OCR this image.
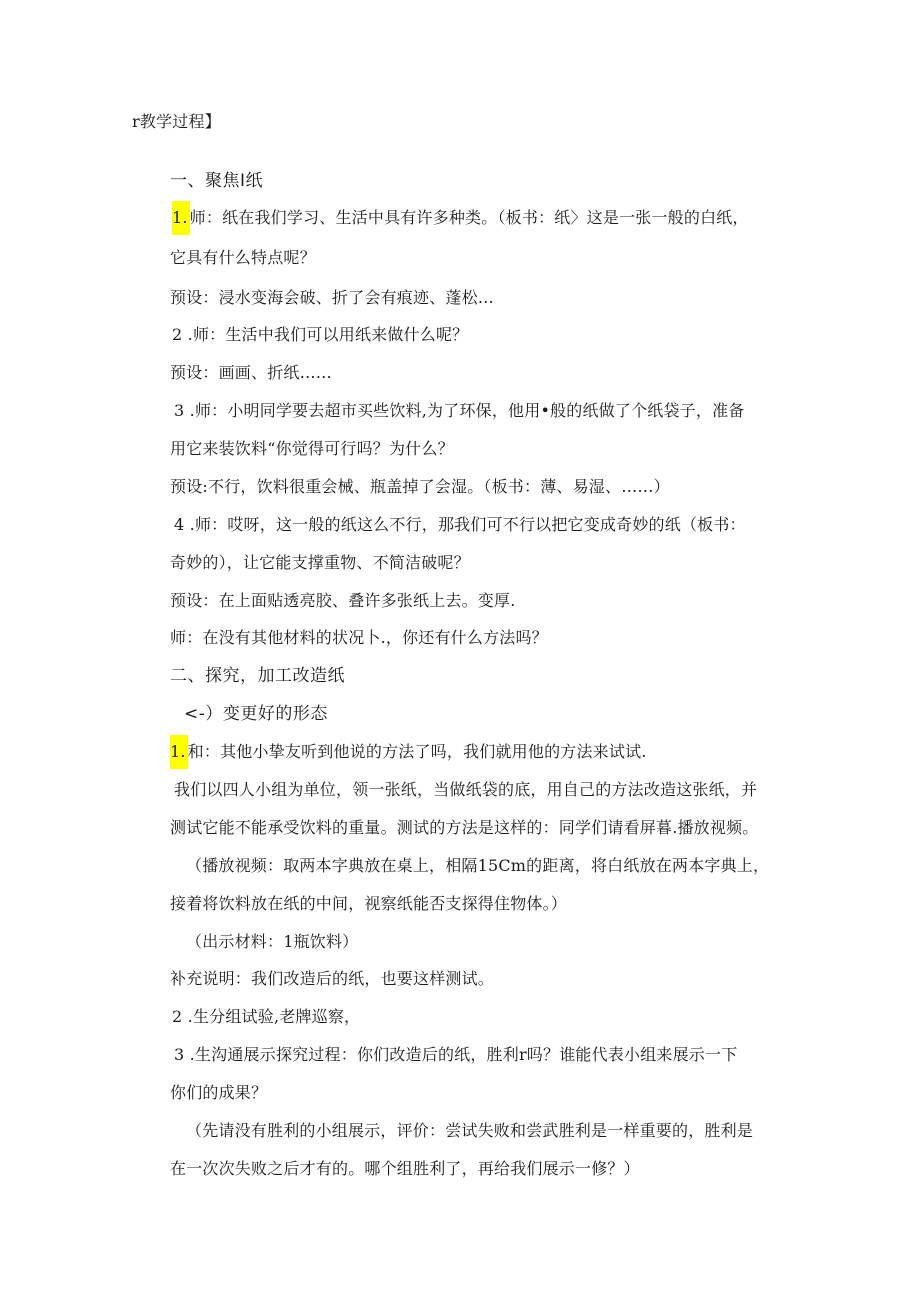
r教学过程】
一、聚焦I纸
1. 师：纸在我们学习、生活中具有许多种类。（板书：纸〉这是一张一般的白纸，
它具有什么特点呢？
预设：浸水变海会破、折了会有痕迹、蓬松…
2 .师：生活中我们可以用纸来做什么呢？
预设：画画、折纸……
3 .师：小明同学要去超市买些饮料,为了环保，他用•般的纸做了个纸袋子，准备
用它来装饮料“你觉得可行吗？为什么？
预设:不行，饮料很重会械、瓶盖掉了会湿。（板书：薄、易湿、……）
4 .师：哎呀，这一般的纸这么不行，那我们可不行以把它变成奇妙的纸（板书：
奇妙的），让它能支撑重物、不简洁破呢？
预设：在上面贴透亮胶、叠许多张纸上去。变厚.
师：在没有其他材料的状况卜.，你还有什么方法吗？
二、探究，加工改造纸
<-）变更好的形态
1. 和：其他小挚友听到他说的方法了吗，我们就用他的方法来试试.
我们以四人小组为单位，领一张纸，当做纸袋的底，用自己的方法改造这张纸，并
测试它能不能承受饮料的重量。测试的方法是这样的：同学们请看屏暮.播放视频。
（播放视频：取两本字典放在桌上，相隔15Cm的距离，将白纸放在两本字典上，
接着将饮料放在纸的中间，视察纸能否支探得住物体。）
（出示材料：1瓶饮料）
补充说明：我们改造后的纸，也要这样测试。
2 .生分组试验,老牌巡察，
3 .生沟通展示探究过程：你们改造后的纸，胜利r吗？谁能代表小组来展示一下
你们的成果？
（先请没有胜利的小组展示，评价：尝试失败和尝武胜利是一样重要的，胜利是
在一次次失败之后才有的。哪个组胜利了，再给我们展示一修？）
